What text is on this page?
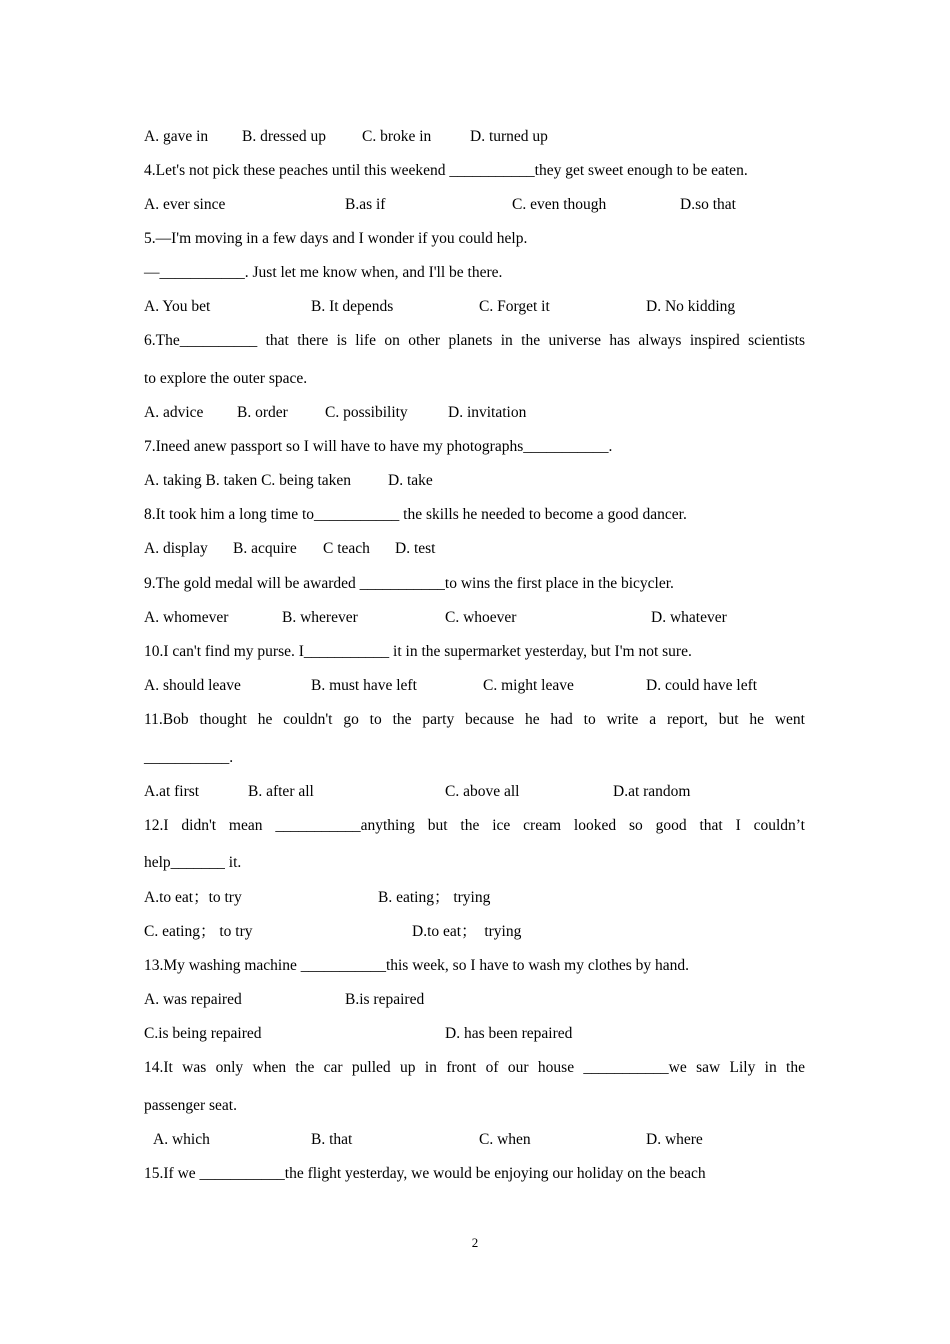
A. gave in B. dressed up C. broke in D. turned up
4.Let's not pick these peaches until this weekend ___________they get sweet enough to be eaten.
A. ever since	B.as if	C. even though	D.so that
5.—I'm moving in a few days and I wonder if you could help.
—___________. Just let me know when, and I'll be there.
A. You bet	B. It depends	C. Forget it	D. No kidding
6.The__________ that there is life on other planets in the universe has always inspired scientists
to explore the outer space.
A. advice B. order C. possibility	D. invitation
7.Ineed anew passport so I will have to have my photographs___________.
A. taking B. taken C. being taken D. take
8.It took him a long time to___________ the skills he needed to become a good dancer.
A. display B. acquire C teach D. test
9.The gold medal will be awarded ___________to wins the first place in the bicycler.
A. whomever	B. wherever	C. whoever	D. whatever
10.I can't find my purse. I___________ it in the supermarket yesterday, but I'm not sure.
A. should leave	B. must have left	C. might leave	D. could have left
11.Bob thought he couldn't go to the party because he had to write a report, but he went
___________.
A.at first	B. after all	C. above all	D.at random
12.I didn't mean ___________anything but the ice cream looked so good that I couldn’t
help_______ it.
A.to eat；to try	B. eating； trying
C. eating； to try	D.to eat；  trying
13.My washing machine ___________this week, so I have to wash my clothes by hand.
A. was repaired	B.is repaired
C.is being repaired	D. has been repaired
14.It was only when the car pulled up in front of our house ___________we saw Lily in the
passenger seat.
A. which	B. that	C. when	D. where
15.If we ___________the flight yesterday, we would be enjoying our holiday on the beach
2
